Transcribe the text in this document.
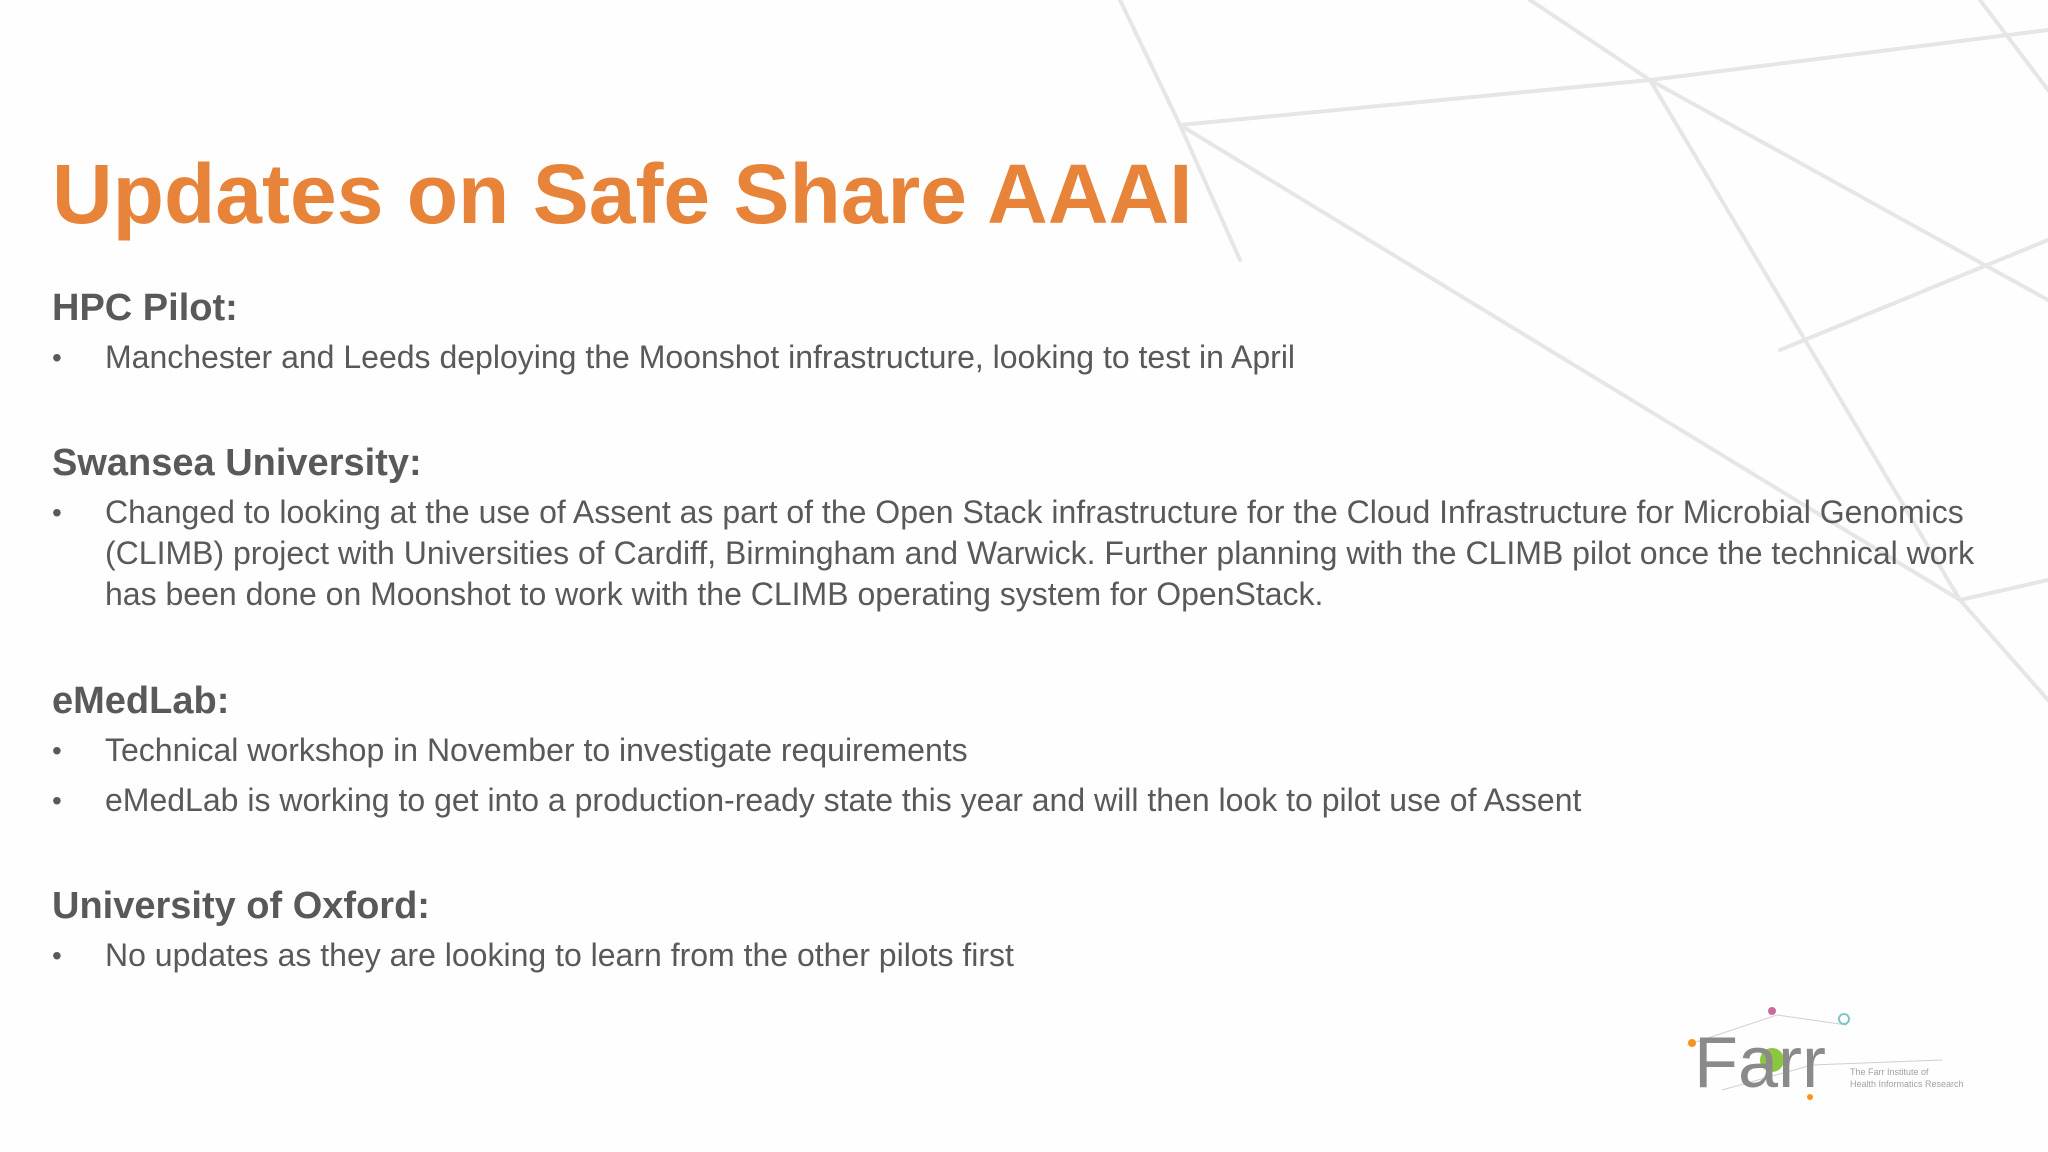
Updates on Safe Share AAAI
HPC Pilot:
•	Manchester and Leeds deploying the Moonshot infrastructure, looking to test in April
Swansea University:
•	Changed to looking at the use of Assent as part of the Open Stack infrastructure for the Cloud Infrastructure for Microbial Genomics (CLIMB) project with Universities of Cardiff, Birmingham and Warwick. Further planning with the CLIMB pilot once the technical work has been done on Moonshot to work with the CLIMB operating system for OpenStack.
eMedLab:
•	Technical workshop in November to investigate requirements
•	eMedLab is working to get into a production-ready state this year and will then look to pilot use of Assent
University of Oxford:
•	No updates as they are looking to learn from the other pilots first
Farr	The Farr Institute of
Health Informatics Research
